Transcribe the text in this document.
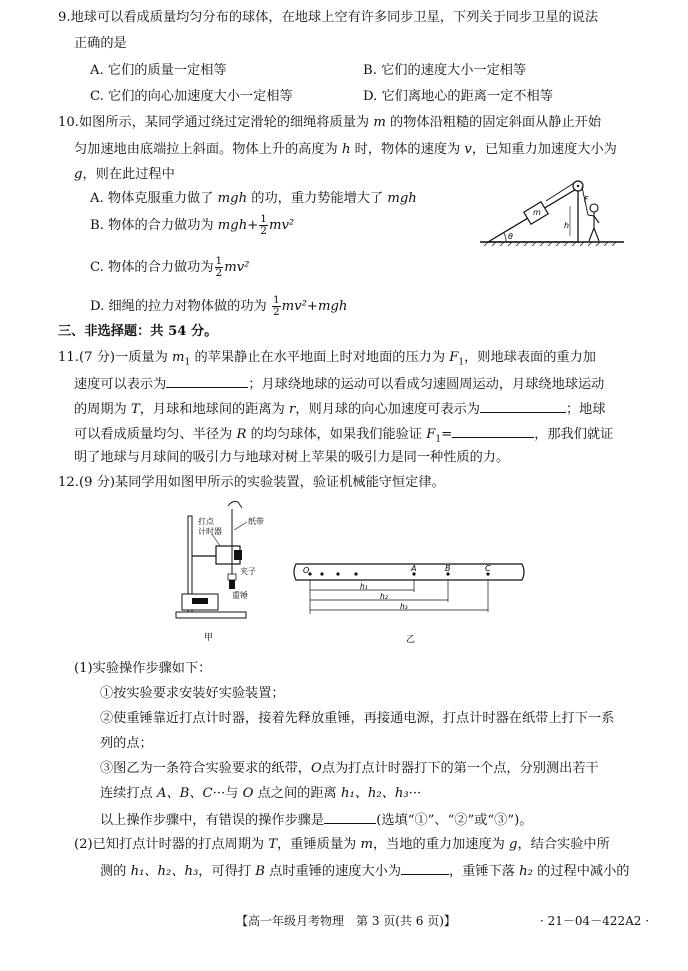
9.地球可以看成质量均匀分布的球体，在地球上空有许多同步卫星，下列关于同步卫星的说法
正确的是
A. 它们的质量一定相等	B. 它们的速度大小一定相等
C. 它们的向心加速度大小一定相等	D. 它们离地心的距离一定不相等
10.如图所示，某同学通过绕过定滑轮的细绳将质量为 m 的物体沿粗糙的固定斜面从静止开始
匀加速地由底端拉上斜面。物体上升的高度为 h 时，物体的速度为 v，已知重力加速度大小为
g，则在此过程中
A. 物体克服重力做了 mgh 的功，重力势能增大了 mgh
B. 物体的合力做功为 $mgh+ \frac{1}{2} mv^2$
C. 物体的合力做功为 $\frac{1}{2} mv^2$
D. 细绳的拉力对物体做的功为 $\frac{1}{2} mv^2+mgh$
θ
m
F
h
三、非选择题：共 54 分。
11.(7 分)一质量为 $m_1$ 的苹果静止在水平地面上时对地面的压力为 $F_1$，则地球表面的重力加
速度可以表示为	；月球绕地球的运动可以看成匀速圆周运动，月球绕地球运动
的周期为 T，月球和地球间的距离为 r，则月球的向心加速度可表示为	；地球
可以看成质量均匀、半径为 R 的均匀球体，如果我们能验证 $F_1=$	，那我们就证
明了地球与月球间的吸引力与地球对树上苹果的吸引力是同一种性质的力。
12.(9 分)某同学用如图甲所示的实验装置，验证机械能守恒定律。
打点
计时器
纸带
夹子
重锤
甲
O	A	B	C
h₁
h₂
h₃
乙
(1)实验操作步骤如下：
①按实验要求安装好实验装置；
②使重锤靠近打点计时器，接着先释放重锤，再接通电源，打点计时器在纸带上打下一系
列的点；
③图乙为一条符合实验要求的纸带，O点为打点计时器打下的第一个点，分别测出若干
连续打点 A、B、C···与 O 点之间的距离 h₁、h₂、h₃···
以上操作步骤中，有错误的操作步骤是	(选填“①”、“②”或“③”)。
(2)已知打点计时器的打点周期为 T，重锤质量为 m，当地的重力加速度为 g，结合实验中所
测的 h₁、h₂、h₃，可得打 B 点时重锤的速度大小为	，重锤下落 h₂ 的过程中减小的
【高一年级月考物理　第 3 页(共 6 页)】	· 21－04－422A2 ·
